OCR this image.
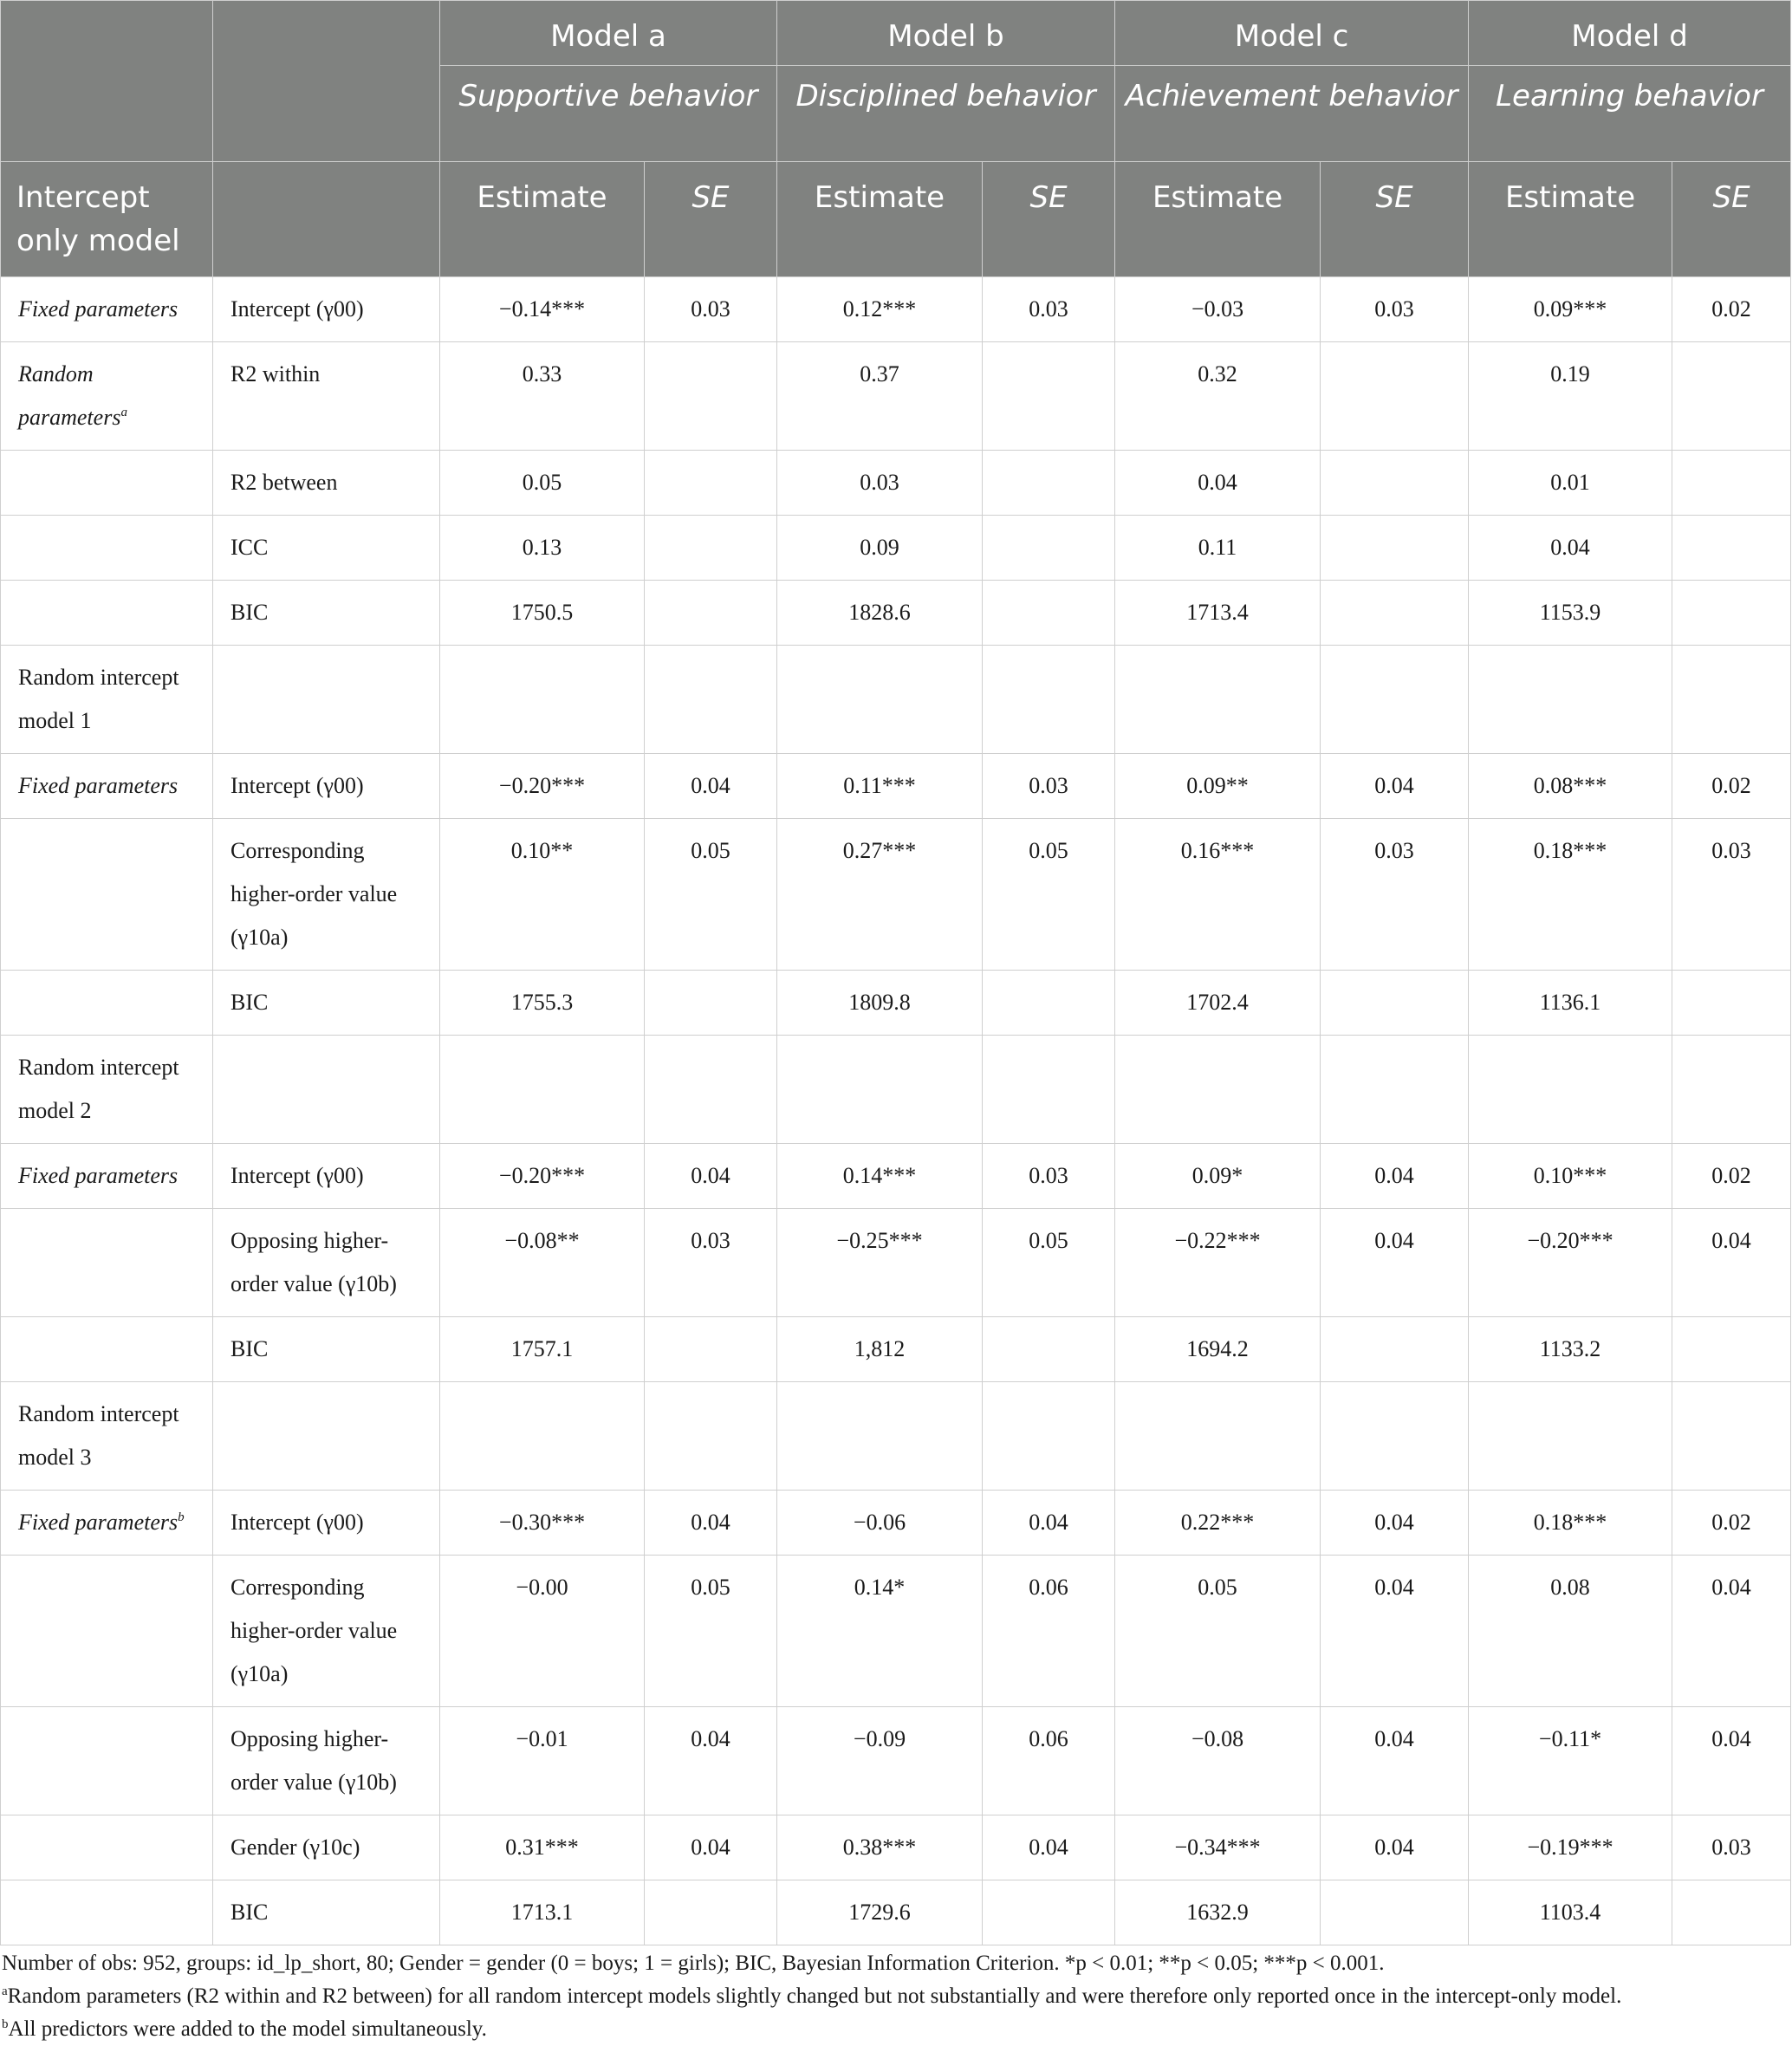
		Model a		Model b		Model c		Model d	
		Supportive behavior		Disciplined behavior		Achievement behavior		Learning behavior	
Intercept only model		Estimate	SE	Estimate	SE	Estimate	SE	Estimate	SE
Fixed parameters	Intercept (γ00)	−0.14***	0.03	0.12***	0.03	−0.03	0.03	0.09***	0.02
Random parameters$^a$	R2 within	0.33		0.37		0.32		0.19	
	R2 between	0.05		0.03		0.04		0.01	
	ICC	0.13		0.09		0.11		0.04	
	BIC	1750.5		1828.6		1713.4		1153.9	
Random intercept model 1									
Fixed parameters	Intercept (γ00)	−0.20***	0.04	0.11***	0.03	0.09**	0.04	0.08***	0.02
	Corresponding higher-order value (γ10a)	0.10**	0.05	0.27***	0.05	0.16***	0.03	0.18***	0.03
	BIC	1755.3		1809.8		1702.4		1136.1	
Random intercept model 2									
Fixed parameters	Intercept (γ00)	−0.20***	0.04	0.14***	0.03	0.09*	0.04	0.10***	0.02
	Opposing higher-order value (γ10b)	−0.08**	0.03	−0.25***	0.05	−0.22***	0.04	−0.20***	0.04
	BIC	1757.1		1,812		1694.2		1133.2	
Random intercept model 3									
Fixed parameters$^b$	Intercept (γ00)	−0.30***	0.04	−0.06	0.04	0.22***	0.04	0.18***	0.02
	Corresponding higher-order value (γ10a)	−0.00	0.05	0.14*	0.06	0.05	0.04	0.08	0.04
	Opposing higher-order value (γ10b)	−0.01	0.04	−0.09	0.06	−0.08	0.04	−0.11*	0.04
	Gender (γ10c)	0.31***	0.04	0.38***	0.04	−0.34***	0.04	−0.19***	0.03
	BIC	1713.1		1729.6		1632.9		1103.4	

Number of obs: 952, groups: id_lp_short, 80; Gender = gender (0 = boys; 1 = girls); BIC, Bayesian Information Criterion. *p < 0.01; **p < 0.05; ***p < 0.001.

$^a$Random parameters (R2 within and R2 between) for all random intercept models slightly changed but not substantially and were therefore only reported once in the intercept-only model.

$^b$All predictors were added to the model simultaneously.
